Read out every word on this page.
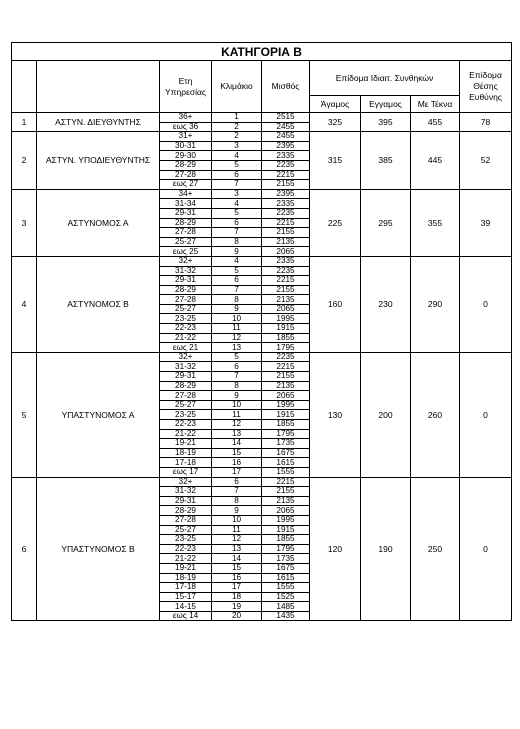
ΚΑΤΗΓΟΡΙΑ Β								
		Ετη Υπηρεσίας	Κλιμάκιο	Μισθός	Επίδομα Ιδιαιτ. Συνθηκών			Επίδομα Θέσης Ευθύνης
					Άγαμος	Εγγαμος	Με Τέκνα	
1	ΑΣΤΥΝ. ΔΙΕΥΘΥΝΤΗΣ	36+	1	2515	325	395	455	78
		εως 36	2	2455				
2	ΑΣΤΥΝ. ΥΠΟΔΙΕΥΘΥΝΤΗΣ	31+	2	2455	315	385	445	52
		30-31	3	2395				
		29-30	4	2335				
		28-29	5	2235				
		27-28	6	2215				
		εως 27	7	2155				
3	ΑΣΤΥΝΟΜΟΣ Α	34+	3	2395	225	295	355	39
		31-34	4	2335				
		29-31	5	2235				
		28-29	6	2215				
		27-28	7	2155				
		25-27	8	2135				
		εως 25	9	2065				
4	ΑΣΤΥΝΟΜΟΣ Β	32+	4	2335	160	230	290	0
		31-32	5	2235				
		29-31	6	2215				
		28-29	7	2155				
		27-28	8	2135				
		25-27	9	2065				
		23-25	10	1995				
		22-23	11	1915				
		21-22	12	1855				
		εως 21	13	1795				
5	ΥΠΑΣΤΥΝΟΜΟΣ Α	32+	5	2235	130	200	260	0
		31-32	6	2215				
		29-31	7	2155				
		28-29	8	2135				
		27-28	9	2065				
		25-27	10	1995				
		23-25	11	1915				
		22-23	12	1855				
		21-22	13	1795				
		19-21	14	1735				
		18-19	15	1675				
		17-18	16	1615				
		εως 17	17	1555				
6	ΥΠΑΣΤΥΝΟΜΟΣ Β	32+	6	2215	120	190	250	0
		31-32	7	2155				
		29-31	8	2135				
		28-29	9	2065				
		27-28	10	1995				
		25-27	11	1915				
		23-25	12	1855				
		22-23	13	1795				
		21-22	14	1735				
		19-21	15	1675				
		18-19	16	1615				
		17-18	17	1555				
		15-17	18	1525				
		14-15	19	1485				
		εως 14	20	1435				
